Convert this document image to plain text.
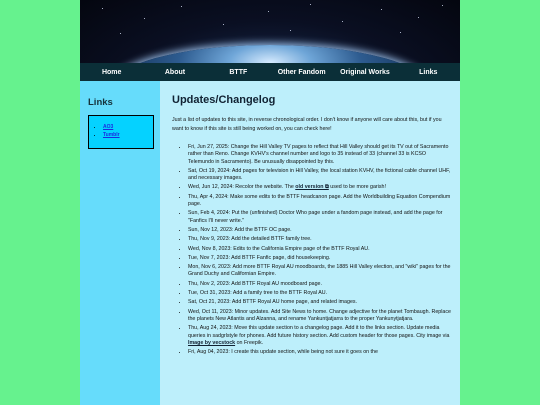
Home	About	BTTF	Other Fandom	Original Works	Links
Links
• AO3
• Tumblr
Updates/Changelog

Just a list of updates to this site, in reverse chronological order. I don't know if anyone will care about this, but if you want to know if this site is still being worked on, you can check here!

• Fri, Jun 27, 2025: Change the Hill Valley TV pages to reflect that Hill Valley should get its TV out of Sacramento rather than Reno. Change KVHV's channel number and logo to 35 instead of 33 (channel 33 is KCSO Telemundo in Sacramento). Be unusually disappointed by this.
• Sat, Oct 19, 2024: Add pages for television in Hill Valley, the local station KVHV, the fictional cable channel UHF, and necessary images.
• Wed, Jun 12, 2024: Recolor the website. The old version ⧉ used to be more garish!
• Thu, Apr 4, 2024: Make some edits to the BTTF headcanon page. Add the Worldbuilding Equation Compendium page.
• Sun, Feb 4, 2024: Put the (unfinished) Doctor Who page under a fandom page instead, and add the page for "Fanfics I'll never write."
• Sun, Nov 12, 2023: Add the BTTF OC page.
• Thu, Nov 9, 2023: Add the detailed BTTF family tree.
• Wed, Nov 8, 2023: Edits to the California Empire page of the BTTF Royal AU.
• Tue, Nov 7, 2023: Add BTTF Fanfic page, did housekeeping.
• Mon, Nov 6, 2023: Add more BTTF Royal AU moodboards, the 1885 Hill Valley election, and "wiki" pages for the Grand Duchy and Californian Empire.
• Thu, Nov 2, 2023: Add BTTF Royal AU moodboard page.
• Tue, Oct 31, 2023: Add a family tree to the BTTF Royal AU.
• Sat, Oct 21, 2023: Add BTTF Royal AU home page, and related images.
• Wed, Oct 11, 2023: Minor updates. Add Site News to home. Change adjective for the planet Tombaugh. Replace the planets New Atlantis and Alzanna, and rename Yankuntjatjarra to the proper Yankunytjatjara.
• Thu, Aug 24, 2023: Move this update section to a changelog page. Add it to the links section. Update media queries in sadgrlstyle for phones. Add future history section. Add custom header for those pages. City image via Image by vecstock on Freepik.
• Fri, Aug 04, 2023: I create this update section, while being not sure it goes on the
